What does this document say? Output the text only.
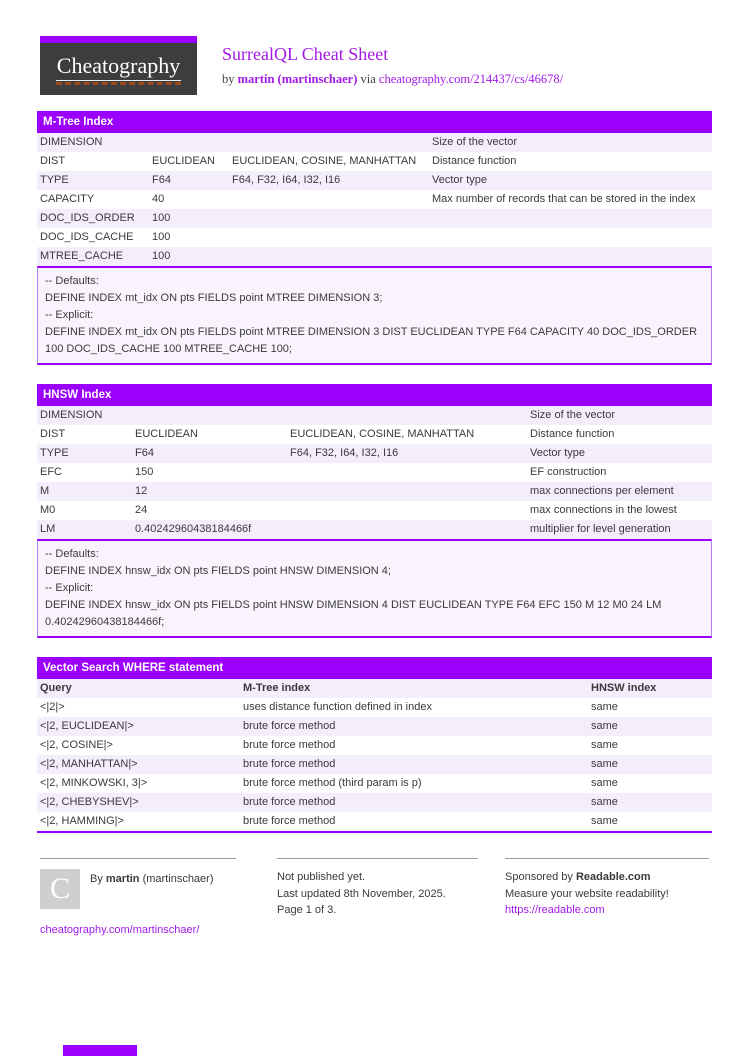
Cheatography SurrealQL Cheat Sheet
by martin (martinschaer) via cheatography.com/214437/cs/46678/
M-Tree Index
DIMENSION			Size of the vector
DIST	EUCLIDEAN	EUCLIDEAN, COSINE, MANHATTAN	Distance function
TYPE	F64	F64, F32, I64, I32, I16	Vector type
CAPACITY	40		Max number of records that can be stored in the index
DOC_IDS_ORDER	100		
DOC_IDS_CACHE	100		
MTREE_CACHE	100		
-- Defaults:
DEFINE INDEX mt_idx ON pts FIELDS point MTREE DIMENSION 3;
-- Explicit:
DEFINE INDEX mt_idx ON pts FIELDS point MTREE DIMENSION 3 DIST EUCLIDEAN TYPE F64 CAPACITY 40 DOC_IDS_ORDER 100 DOC_IDS_CACHE 100 MTREE_CACHE 100;
HNSW Index
DIMENSION			Size of the vector
DIST	EUCLIDEAN	EUCLIDEAN, COSINE, MANHATTAN	Distance function
TYPE	F64	F64, F32, I64, I32, I16	Vector type
EFC	150		EF construction
M	12		max connections per element
M0	24		max connections in the lowest
LM	0.40242960438184466f		multiplier for level generation
-- Defaults:
DEFINE INDEX hnsw_idx ON pts FIELDS point HNSW DIMENSION 4;
-- Explicit:
DEFINE INDEX hnsw_idx ON pts FIELDS point HNSW DIMENSION 4 DIST EUCLIDEAN TYPE F64 EFC 150 M 12 M0 24 LM 0.40242960438184466f;
Vector Search WHERE statement
Query	M-Tree index	HNSW index
<|2|>	uses distance function defined in index	same
<|2, EUCLIDEAN|>	brute force method	same
<|2, COSINE|>	brute force method	same
<|2, MANHATTAN|>	brute force method	same
<|2, MINKOWSKI, 3|>	brute force method (third param is p)	same
<|2, CHEBYSHEV|>	brute force method	same
<|2, HAMMING|>	brute force method	same
C	By martin (martinschaer)	Not published yet.
Last updated 8th November, 2025.
Page 1 of 3.
Sponsored by Readable.com
Measure your website readability!
https://readable.com
cheatography.com/martinschaer/
